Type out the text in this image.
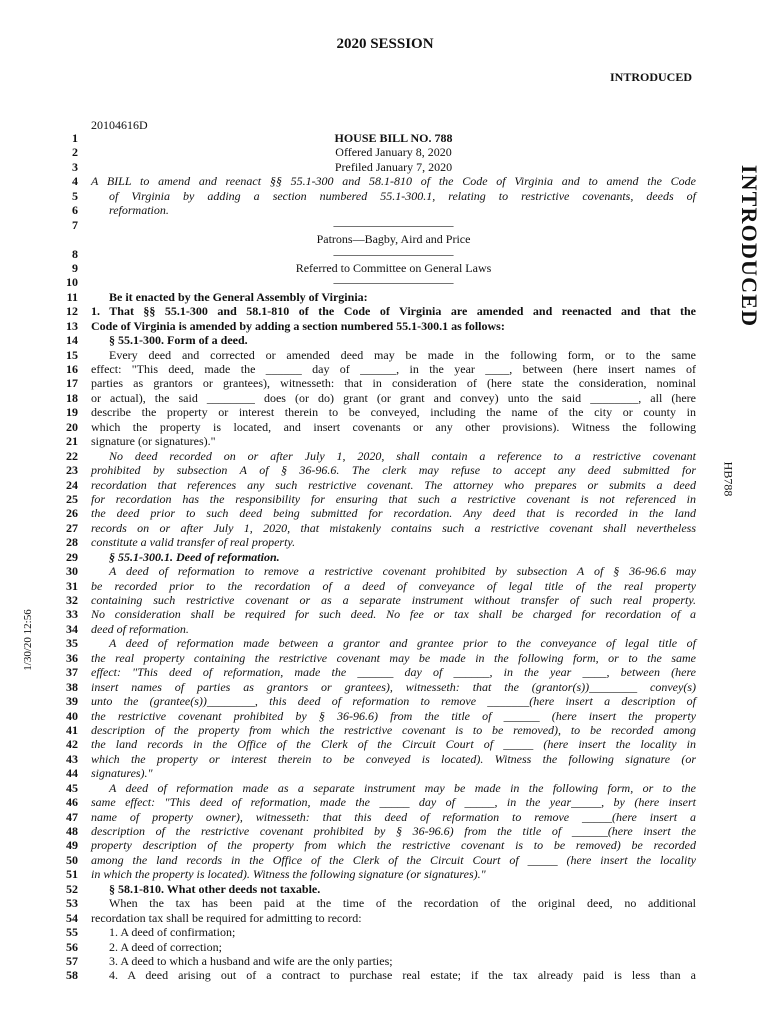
2020 SESSION
INTRODUCED
20104616D
INTRODUCED
HB788
1/30/20 12:56
1	HOUSE BILL NO. 788
2	Offered January 8, 2020
3	Prefiled January 7, 2020
4 A BILL to amend and reenact §§ 55.1-300 and 58.1-810 of the Code of Virginia and to amend the Code
5	of Virginia by adding a section numbered 55.1-300.1, relating to restrictive covenants, deeds of
6	reformation.
7	——————————
Patrons—Bagby, Aird and Price
8	——————————
9	Referred to Committee on General Laws
10	——————————
11	Be it enacted by the General Assembly of Virginia:
12 1. That §§ 55.1-300 and 58.1-810 of the Code of Virginia are amended and reenacted and that the
13 Code of Virginia is amended by adding a section numbered 55.1-300.1 as follows:
14	§ 55.1-300. Form of a deed.
15	Every deed and corrected or amended deed may be made in the following form, or to the same
16 effect: "This deed, made the ______ day of ______, in the year ____, between (here insert names of
17 parties as grantors or grantees), witnesseth: that in consideration of (here state the consideration, nominal
18 or actual), the said ________ does (or do) grant (or grant and convey) unto the said ________, all (here
19 describe the property or interest therein to be conveyed, including the name of the city or county in
20 which the property is located, and insert covenants or any other provisions). Witness the following
21 signature (or signatures)."
22	No deed recorded on or after July 1, 2020, shall contain a reference to a restrictive covenant
23 prohibited by subsection A of § 36-96.6. The clerk may refuse to accept any deed submitted for
24 recordation that references any such restrictive covenant. The attorney who prepares or submits a deed
25 for recordation has the responsibility for ensuring that such a restrictive covenant is not referenced in
26 the deed prior to such deed being submitted for recordation. Any deed that is recorded in the land
27 records on or after July 1, 2020, that mistakenly contains such a restrictive covenant shall nevertheless
28 constitute a valid transfer of real property.
29	§ 55.1-300.1. Deed of reformation.
30	A deed of reformation to remove a restrictive covenant prohibited by subsection A of § 36-96.6 may
31 be recorded prior to the recordation of a deed of conveyance of legal title of the real property
32 containing such restrictive covenant or as a separate instrument without transfer of such real property.
33 No consideration shall be required for such deed. No fee or tax shall be charged for recordation of a
34 deed of reformation.
35	A deed of reformation made between a grantor and grantee prior to the conveyance of legal title of
36 the real property containing the restrictive covenant may be made in the following form, or to the same
37 effect: "This deed of reformation, made the ______ day of ______, in the year ____, between (here
38 insert names of parties as grantors or grantees), witnesseth: that the (grantor(s))________ convey(s)
39 unto the (grantee(s))________, this deed of reformation to remove _______(here insert a description of
40 the restrictive covenant prohibited by § 36-96.6) from the title of ______ (here insert the property
41 description of the property from which the restrictive covenant is to be removed), to be recorded among
42 the land records in the Office of the Clerk of the Circuit Court of _____ (here insert the locality in
43 which the property or interest therein to be conveyed is located). Witness the following signature (or
44 signatures)."
45	A deed of reformation made as a separate instrument may be made in the following form, or to the
46 same effect: "This deed of reformation, made the _____ day of _____, in the year_____, by (here insert
47 name of property owner), witnesseth: that this deed of reformation to remove _____(here insert a
48 description of the restrictive covenant prohibited by § 36-96.6) from the title of ______(here insert the
49 property description of the property from which the restrictive covenant is to be removed) be recorded
50 among the land records in the Office of the Clerk of the Circuit Court of _____ (here insert the locality
51 in which the property is located). Witness the following signature (or signatures)."
52	§ 58.1-810. What other deeds not taxable.
53	When the tax has been paid at the time of the recordation of the original deed, no additional
54 recordation tax shall be required for admitting to record:
55	1. A deed of confirmation;
56	2. A deed of correction;
57	3. A deed to which a husband and wife are the only parties;
58	4. A deed arising out of a contract to purchase real estate; if the tax already paid is less than a
